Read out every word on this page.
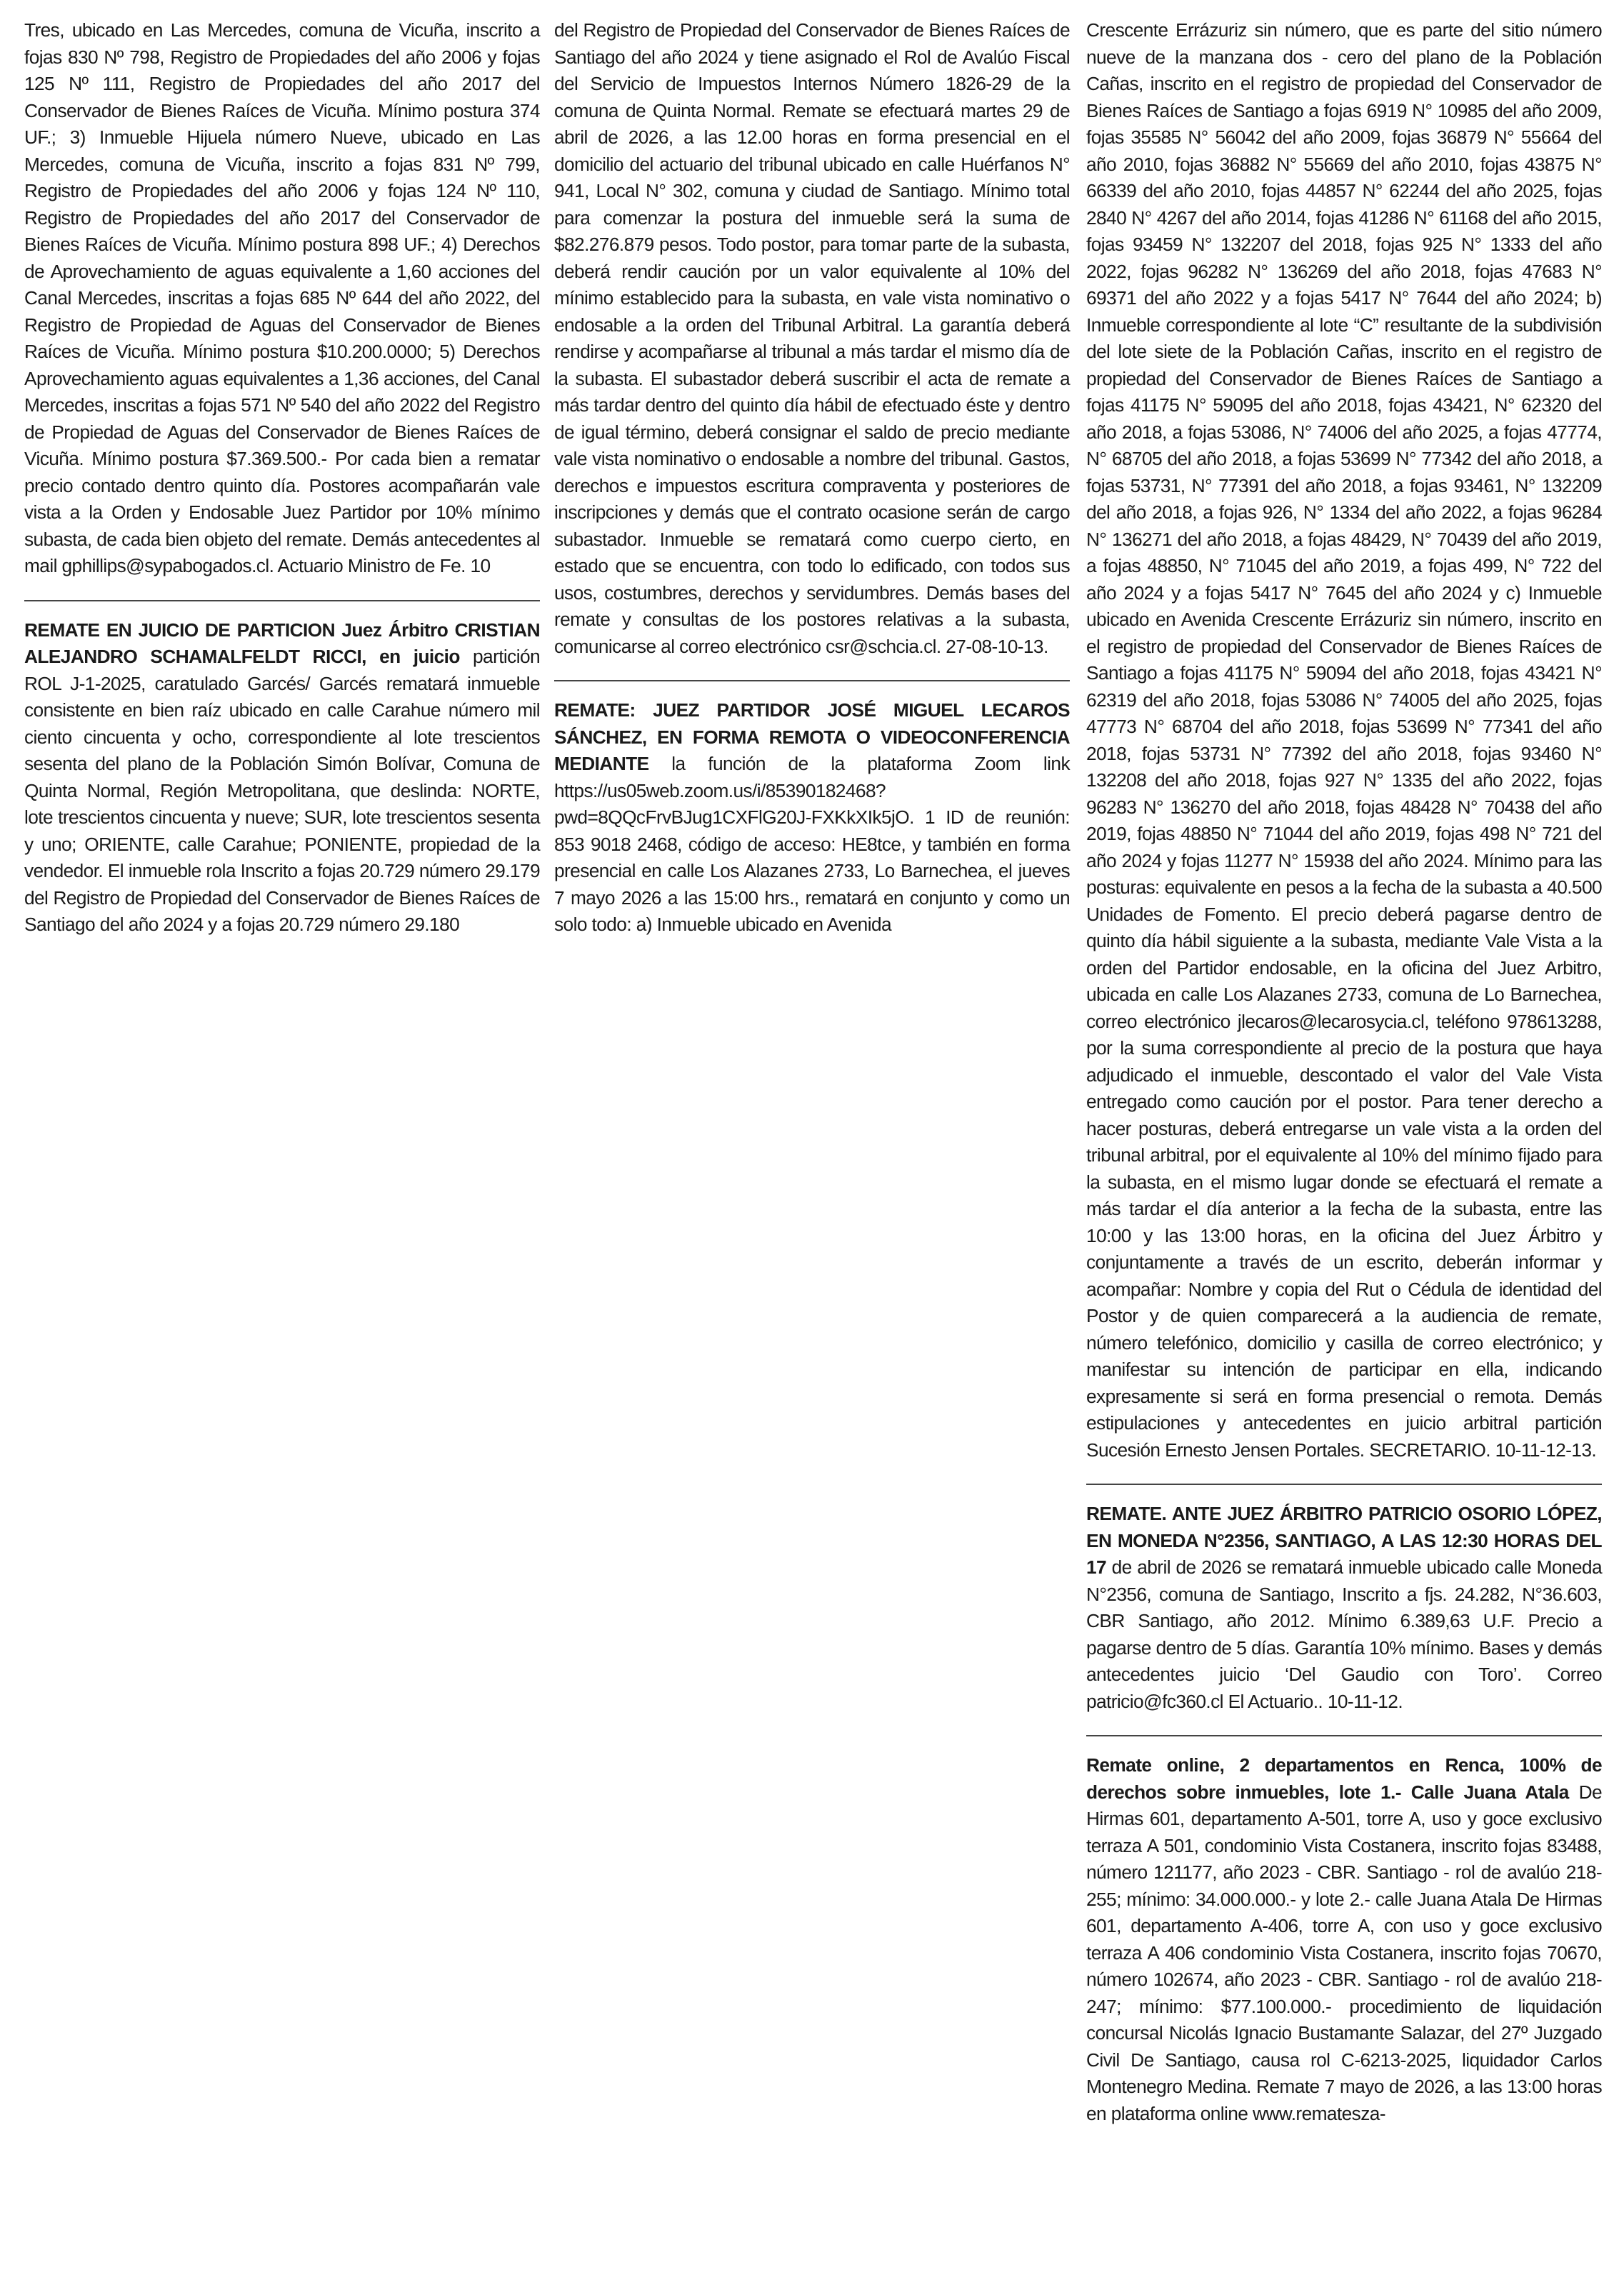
Tres, ubicado en Las Mercedes, comuna de Vicuña, inscrito a fojas 830 Nº 798, Registro de Propiedades del año 2006 y fojas 125 Nº 111, Registro de Propiedades del año 2017 del Conservador de Bienes Raíces de Vicuña. Mínimo postura 374 UF.; 3) Inmueble Hijuela número Nueve, ubicado en Las Mercedes, comuna de Vicuña, inscrito a fojas 831 Nº 799, Registro de Propiedades del año 2006 y fojas 124 Nº 110, Registro de Propiedades del año 2017 del Conservador de Bienes Raíces de Vicuña. Mínimo postura 898 UF.; 4) Derechos de Aprovechamiento de aguas equivalente a 1,60 acciones del Canal Mercedes, inscritas a fojas 685 Nº 644 del año 2022, del Registro de Propiedad de Aguas del Conservador de Bienes Raíces de Vicuña. Mínimo postura $10.200.0000; 5) Derechos Aprovechamiento aguas equivalentes a 1,36 acciones, del Canal Mercedes, inscritas a fojas 571 Nº 540 del año 2022 del Registro de Propiedad de Aguas del Conservador de Bienes Raíces de Vicuña. Mínimo postura $7.369.500.- Por cada bien a rematar precio contado dentro quinto día. Postores acompañarán vale vista a la Orden y Endosable Juez Partidor por 10% mínimo subasta, de cada bien objeto del remate. Demás antecedentes al mail gphillips@sypabogados.cl. Actuario Ministro de Fe. 10

REMATE EN JUICIO DE PARTICION Juez Árbitro CRISTIAN ALEJANDRO SCHAMALFELDT RICCI, en juicio partición ROL J-1-2025, caratulado Garcés/ Garcés rematará inmueble consistente en bien raíz ubicado en calle Carahue número mil ciento cincuenta y ocho, correspondiente al lote trescientos sesenta del plano de la Población Simón Bolívar, Comuna de Quinta Normal, Región Metropolitana, que deslinda: NORTE, lote trescientos cincuenta y nueve; SUR, lote trescientos sesenta y uno; ORIENTE, calle Carahue; PONIENTE, propiedad de la vendedor. El inmueble rola Inscrito a fojas 20.729 número 29.179 del Registro de Propiedad del Conservador de Bienes Raíces de Santiago del año 2024 y a fojas 20.729 número 29.180

del Registro de Propiedad del Conservador de Bienes Raíces de Santiago del año 2024 y tiene asignado el Rol de Avalúo Fiscal del Servicio de Impuestos Internos Número 1826-29 de la comuna de Quinta Normal. Remate se efectuará martes 29 de abril de 2026, a las 12.00 horas en forma presencial en el domicilio del actuario del tribunal ubicado en calle Huérfanos N° 941, Local N° 302, comuna y ciudad de Santiago. Mínimo total para comenzar la postura del inmueble será la suma de $82.276.879 pesos. Todo postor, para tomar parte de la subasta, deberá rendir caución por un valor equivalente al 10% del mínimo establecido para la subasta, en vale vista nominativo o endosable a la orden del Tribunal Arbitral. La garantía deberá rendirse y acompañarse al tribunal a más tardar el mismo día de la subasta. El subastador deberá suscribir el acta de remate a más tardar dentro del quinto día hábil de efectuado éste y dentro de igual término, deberá consignar el saldo de precio mediante vale vista nominativo o endosable a nombre del tribunal. Gastos, derechos e impuestos escritura compraventa y posteriores de inscripciones y demás que el contrato ocasione serán de cargo subastador. Inmueble se rematará como cuerpo cierto, en estado que se encuentra, con todo lo edificado, con todos sus usos, costumbres, derechos y servidumbres. Demás bases del remate y consultas de los postores relativas a la subasta, comunicarse al correo electrónico csr@schcia.cl. 27-08-10-13.

REMATE: JUEZ PARTIDOR JOSÉ MIGUEL LECAROS SÁNCHEZ, EN FORMA REMOTA O VIDEOCONFERENCIA MEDIANTE la función de la plataforma Zoom link https://us05web.zoom.us/i/85390182468?pwd=8QQcFrvBJug1CXFlG20J-FXKkXIk5jO. 1 ID de reunión: 853 9018 2468, código de acceso: HE8tce, y también en forma presencial en calle Los Alazanes 2733, Lo Barnechea, el jueves 7 mayo 2026 a las 15:00 hrs., rematará en conjunto y como un solo todo: a) Inmueble ubicado en Avenida

Crescente Errázuriz sin número, que es parte del sitio número nueve de la manzana dos - cero del plano de la Población Cañas, inscrito en el registro de propiedad del Conservador de Bienes Raíces de Santiago a fojas 6919 N° 10985 del año 2009, fojas 35585 N° 56042 del año 2009, fojas 36879 N° 55664 del año 2010, fojas 36882 N° 55669 del año 2010, fojas 43875 N° 66339 del año 2010, fojas 44857 N° 62244 del año 2025, fojas 2840 N° 4267 del año 2014, fojas 41286 N° 61168 del año 2015, fojas 93459 N° 132207 del 2018, fojas 925 N° 1333 del año 2022, fojas 96282 N° 136269 del año 2018, fojas 47683 N° 69371 del año 2022 y a fojas 5417 N° 7644 del año 2024; b) Inmueble correspondiente al lote “C” resultante de la subdivisión del lote siete de la Población Cañas, inscrito en el registro de propiedad del Conservador de Bienes Raíces de Santiago a fojas 41175 N° 59095 del año 2018, fojas 43421, N° 62320 del año 2018, a fojas 53086, N° 74006 del año 2025, a fojas 47774, N° 68705 del año 2018, a fojas 53699 N° 77342 del año 2018, a fojas 53731, N° 77391 del año 2018, a fojas 93461, N° 132209 del año 2018, a fojas 926, N° 1334 del año 2022, a fojas 96284 N° 136271 del año 2018, a fojas 48429, N° 70439 del año 2019, a fojas 48850, N° 71045 del año 2019, a fojas 499, N° 722 del año 2024 y a fojas 5417 N° 7645 del año 2024 y c) Inmueble ubicado en Avenida Crescente Errázuriz sin número, inscrito en el registro de propiedad del Conservador de Bienes Raíces de Santiago a fojas 41175 N° 59094 del año 2018, fojas 43421 N° 62319 del año 2018, fojas 53086 N° 74005 del año 2025, fojas 47773 N° 68704 del año 2018, fojas 53699 N° 77341 del año 2018, fojas 53731 N° 77392 del año 2018, fojas 93460 N° 132208 del año 2018, fojas 927 N° 1335 del año 2022, fojas 96283 N° 136270 del año 2018, fojas 48428 N° 70438 del año 2019, fojas 48850 N° 71044 del año 2019, fojas 498 N° 721 del año 2024 y fojas 11277 N° 15938 del año 2024. Mínimo para las posturas: equivalente en pesos a la fecha de la subasta a 40.500 Unidades de Fomento. El precio deberá pagarse dentro de quinto día hábil siguiente a la subasta, mediante Vale Vista a la orden del Partidor endosable, en la oficina del Juez Arbitro, ubicada en calle Los Alazanes 2733, comuna de Lo Barnechea, correo electrónico jlecaros@lecarosycia.cl, teléfono 978613288, por la suma correspondiente al precio de la postura que haya adjudicado el inmueble, descontado el valor del Vale Vista entregado como caución por el postor. Para tener derecho a hacer posturas, deberá entregarse un vale vista a la orden del tribunal arbitral, por el equivalente al 10% del mínimo fijado para la subasta, en el mismo lugar donde se efectuará el remate a más tardar el día anterior a la fecha de la subasta, entre las 10:00 y las 13:00 horas, en la oficina del Juez Árbitro y conjuntamente a través de un escrito, deberán informar y acompañar: Nombre y copia del Rut o Cédula de identidad del Postor y de quien comparecerá a la audiencia de remate, número telefónico, domicilio y casilla de correo electrónico; y manifestar su intención de participar en ella, indicando expresamente si será en forma presencial o remota. Demás estipulaciones y antecedentes en juicio arbitral partición Sucesión Ernesto Jensen Portales. SECRETARIO. 10-11-12-13.

REMATE. ANTE JUEZ ÁRBITRO PATRICIO OSORIO LÓPEZ, EN MONEDA N°2356, SANTIAGO, A LAS 12:30 HORAS DEL 17 de abril de 2026 se rematará inmueble ubicado calle Moneda N°2356, comuna de Santiago, Inscrito a fjs. 24.282, N°36.603, CBR Santiago, año 2012. Mínimo 6.389,63 U.F. Precio a pagarse dentro de 5 días. Garantía 10% mínimo. Bases y demás antecedentes juicio ‘Del Gaudio con Toro’. Correo patricio@fc360.cl El Actuario.. 10-11-12.

Remate online, 2 departamentos en Renca, 100% de derechos sobre inmuebles, lote 1.- Calle Juana Atala De Hirmas 601, departamento A-501, torre A, uso y goce exclusivo terraza A 501, condominio Vista Costanera, inscrito fojas 83488, número 121177, año 2023 - CBR. Santiago - rol de avalúo 218-255; mínimo: 34.000.000.- y lote 2.- calle Juana Atala De Hirmas 601, departamento A-406, torre A, con uso y goce exclusivo terraza A 406 condominio Vista Costanera, inscrito fojas 70670, número 102674, año 2023 - CBR. Santiago - rol de avalúo 218-247; mínimo: $77.100.000.- procedimiento de liquidación concursal Nicolás Ignacio Bustamante Salazar, del 27º Juzgado Civil De Santiago, causa rol C-6213-2025, liquidador Carlos Montenegro Medina. Remate 7 mayo de 2026, a las 13:00 horas en plataforma online www.rematesza-
